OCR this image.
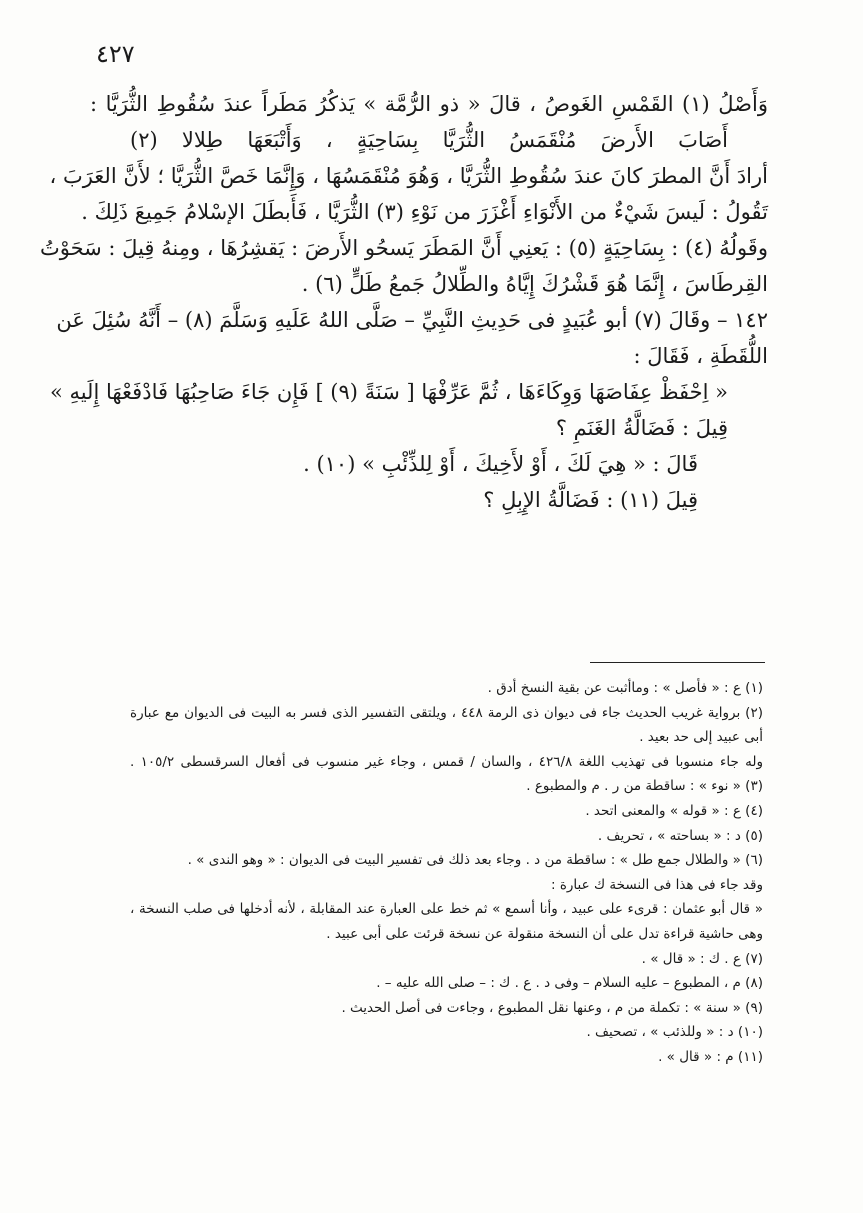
٤٢٧
وَأَصْلُ (١) القَمْسِ الغَوصُ ، قالَ « ذو الرُّمَّة » يَذكُرُ مَطَراً عندَ سُقُوطِ الثُّرَيَّا :
أَصَابَ الأَرضَ مُنْقَمَسُ الثُّرَيَّا بِسَاحِيَةٍ ، وَأَتْبَعَهَا طِلالا (٢)
أرادَ أَنَّ المطرَ كانَ عندَ سُقُوطِ الثُّرَيَّا ، وَهُوَ مُنْقَمَسُهَا ، وَإِنَّمَا خَصَّ الثُّرَيَّا ؛ لأَنَّ العَرَبَ ،
تَقُولُ : لَيسَ شَيْءٌ من الأَنْوَاءِ أَغْزَرَ من نَوْءِ (٣) الثُّرَيَّا ، فَأَبطَلَ الإسْلامُ جَمِيعَ ذَلِكَ .
وقَولُهُ (٤) : بِسَاحِيَةٍ (٥) : يَعنِي أَنَّ المَطَرَ يَسحُو الأَرضَ : يَقشِرُهَا ، ومِنهُ قِيلَ : سَحَوْتُ
القِرطَاسَ ، إِنَّمَا هُوَ قَشْرُكَ إِيَّاهُ والطِّلالُ جَمعُ طَلٍّ (٦) .
١٤٢ – وقَالَ (٧) أبو عُبَيدٍ فى حَدِيثِ النَّبِيِّ – صَلَّى اللهُ عَلَيهِ وَسَلَّمَ (٨) – أَنَّهُ سُئِلَ عَن
اللُّقَطَةِ ، فَقَالَ :
« اِحْفَظْ عِفَاصَهَا وَوِكَاءَهَا ، ثُمَّ عَرِّفْهَا [ سَنَةً (٩) ] فَإِن جَاءَ صَاحِبُهَا فَادْفَعْهَا إِلَيهِ »
قِيلَ : فَضَالَّةُ الغَنَمِ ؟
قَالَ : « هِيَ لَكَ ، أَوْ لأَخِيكَ ، أَوْ لِلذِّئْبِ » (١٠) .
قِيلَ (١١) : فَضَالَّةُ الإِبِلِ ؟
(١) ع : « فأصل » : وماأثبت عن بقية النسخ أدق .
(٢) برواية غريب الحديث جاء فى ديوان ذى الرمة ٤٤٨ ، ويلتقى التفسير الذى فسر به البيت فى الديوان مع عبارة
أبى عبيد إلى حد بعيد .
وله جاء منسوبا فى تهذيب اللغة ٤٢٦/٨ ، والسان / قمس ، وجاء غير منسوب فى أفعال السرقسطى ١٠٥/٢ .
(٣) « نوء » : ساقطة من ر . م والمطبوع .
(٤) ع : « قوله » والمعنى اتحد .
(٥) د : « بساحته » ، تحريف .
(٦) « والطلال جمع طل » : ساقطة من د . وجاء بعد ذلك فى تفسير البيت فى الديوان : « وهو الندى » .
وقد جاء فى هذا فى النسخة ك عبارة :
« قال أبو عثمان : قرىء على عبيد ، وأنا أسمع » ثم خط على العبارة عند المقابلة ، لأنه أدخلها فى صلب النسخة ،
وهى حاشية قراءة تدل على أن النسخة منقولة عن نسخة قرئت على أبى عبيد .
(٧) ع . ك : « قال » .
(٨) م ، المطبوع – عليه السلام – وفى د . ع . ك : – صلى الله عليه – .
(٩) « سنة » : تكملة من م ، وعنها نقل المطبوع ، وجاءت فى أصل الحديث .
(١٠) د : « وللذئب » ، تصحيف .
(١١) م : « قال » .
